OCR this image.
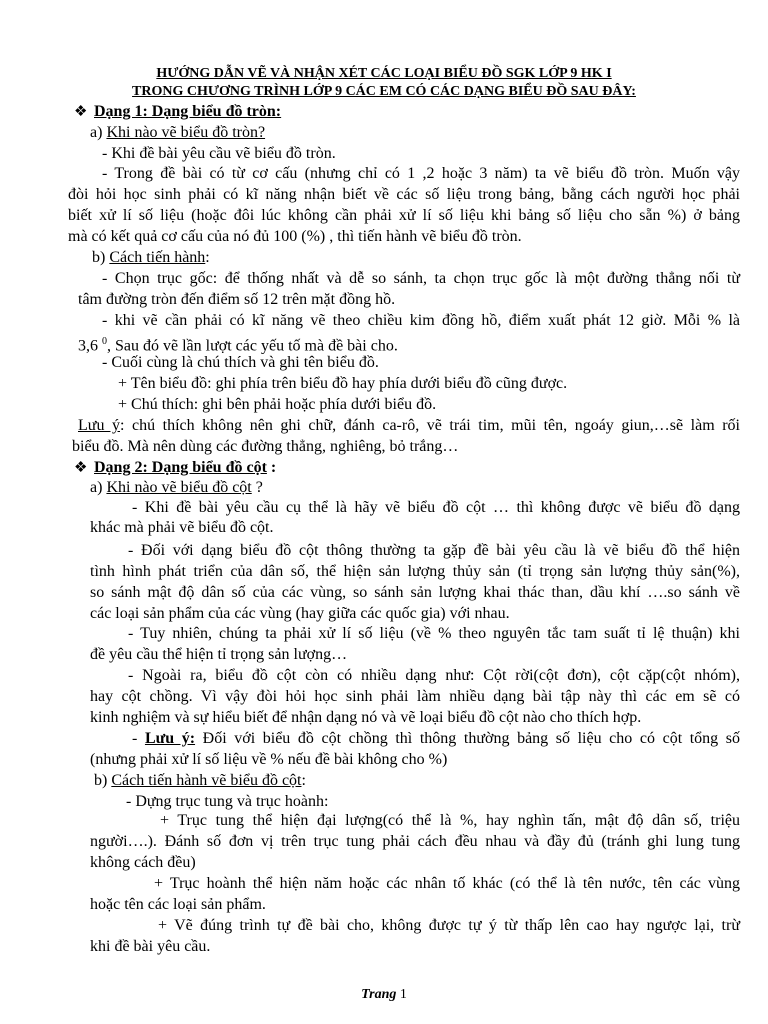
HƯỚNG DẪN VẼ VÀ NHẬN XÉT CÁC LOẠI BIỂU ĐỒ SGK LỚP 9 HK I
TRONG CHƯƠNG TRÌNH LỚP 9 CÁC EM CÓ CÁC DẠNG BIỂU ĐỒ SAU ĐÂY:
❖ Dạng 1: Dạng biểu đồ tròn:
a) Khi nào vẽ biểu đồ tròn?
- Khi đề bài yêu cầu vẽ biểu đồ tròn.
- Trong đề bài có từ cơ cấu (nhưng chỉ có 1 ,2 hoặc 3 năm) ta vẽ biểu đồ tròn. Muốn vậy
đòi hỏi học sinh phải có kĩ năng nhận biết về các số liệu trong bảng, bằng cách người học phải
biết xử lí số liệu (hoặc đôi lúc không cần phải xử lí số liệu khi bảng số liệu cho sẵn %) ở bảng
mà có kết quả cơ cấu của nó đủ 100 (%) , thì tiến hành vẽ biểu đồ tròn.
b) Cách tiến hành:
- Chọn trục gốc: để thống nhất và dễ so sánh, ta chọn trục gốc là một đường thẳng nối từ
tâm đường tròn đến điểm số 12 trên mặt đồng hồ.
- khi vẽ cần phải có kĩ năng vẽ theo chiều kim đồng hồ, điểm xuất phát 12 giờ. Mỗi % là
3,6 $^0$, Sau đó vẽ lần lượt các yếu tố mà đề bài cho.
- Cuối cùng là chú thích và ghi tên biểu đồ.
+ Tên biểu đồ: ghi phía trên biểu đồ hay phía dưới biểu đồ cũng được.
+ Chú thích: ghi bên phải hoặc phía dưới biểu đồ.
Lưu ý: chú thích không nên ghi chữ, đánh ca-rô, vẽ trái tim, mũi tên, ngoáy giun,…sẽ làm rối
biểu đồ. Mà nên dùng các đường thẳng, nghiêng, bỏ trắng…
❖ Dạng 2: Dạng biểu đồ cột :
a) Khi nào vẽ biểu đồ cột ?
- Khi đề bài yêu cầu cụ thể là hãy vẽ biểu đồ cột … thì không được vẽ biểu đồ dạng
khác mà phải vẽ biểu đồ cột.
- Đối với dạng biểu đồ cột thông thường ta gặp đề bài yêu cầu là vẽ biểu đồ thể hiện
tình hình phát triển của dân số, thể hiện sản lượng thủy sản (tỉ trọng sản lượng thủy sản(%),
so sánh mật độ dân số của các vùng, so sánh sản lượng khai thác than, dầu khí ….so sánh về
các loại sản phẩm của các vùng (hay giữa các quốc gia) với nhau.
- Tuy nhiên, chúng ta phải xử lí số liệu (về % theo nguyên tắc tam suất tỉ lệ thuận) khi
đề yêu cầu thể hiện tỉ trọng sản lượng…
- Ngoài ra, biểu đồ cột còn có nhiều dạng như: Cột rời(cột đơn), cột cặp(cột nhóm),
hay cột chồng. Vì vậy đòi hỏi học sinh phải làm nhiều dạng bài tập này thì các em sẽ có
kinh nghiệm và sự hiểu biết để nhận dạng nó và vẽ loại biểu đồ cột nào cho thích hợp.
- Lưu ý: Đối với biểu đồ cột chồng thì thông thường bảng số liệu cho có cột tổng số
(nhưng phải xử lí số liệu về % nếu đề bài không cho %)
b) Cách tiến hành vẽ biểu đồ cột:
- Dựng trục tung và trục hoành:
+ Trục tung thể hiện đại lượng(có thể là %, hay nghìn tấn, mật độ dân số, triệu
người….). Đánh số đơn vị trên trục tung phải cách đều nhau và đầy đủ (tránh ghi lung tung
không cách đều)
+ Trục hoành thể hiện năm hoặc các nhân tố khác (có thể là tên nước, tên các vùng
hoặc tên các loại sản phẩm.
+ Vẽ đúng trình tự đề bài cho, không được tự ý từ thấp lên cao hay ngược lại, trừ
khi đề bài yêu cầu.
Trang 1
